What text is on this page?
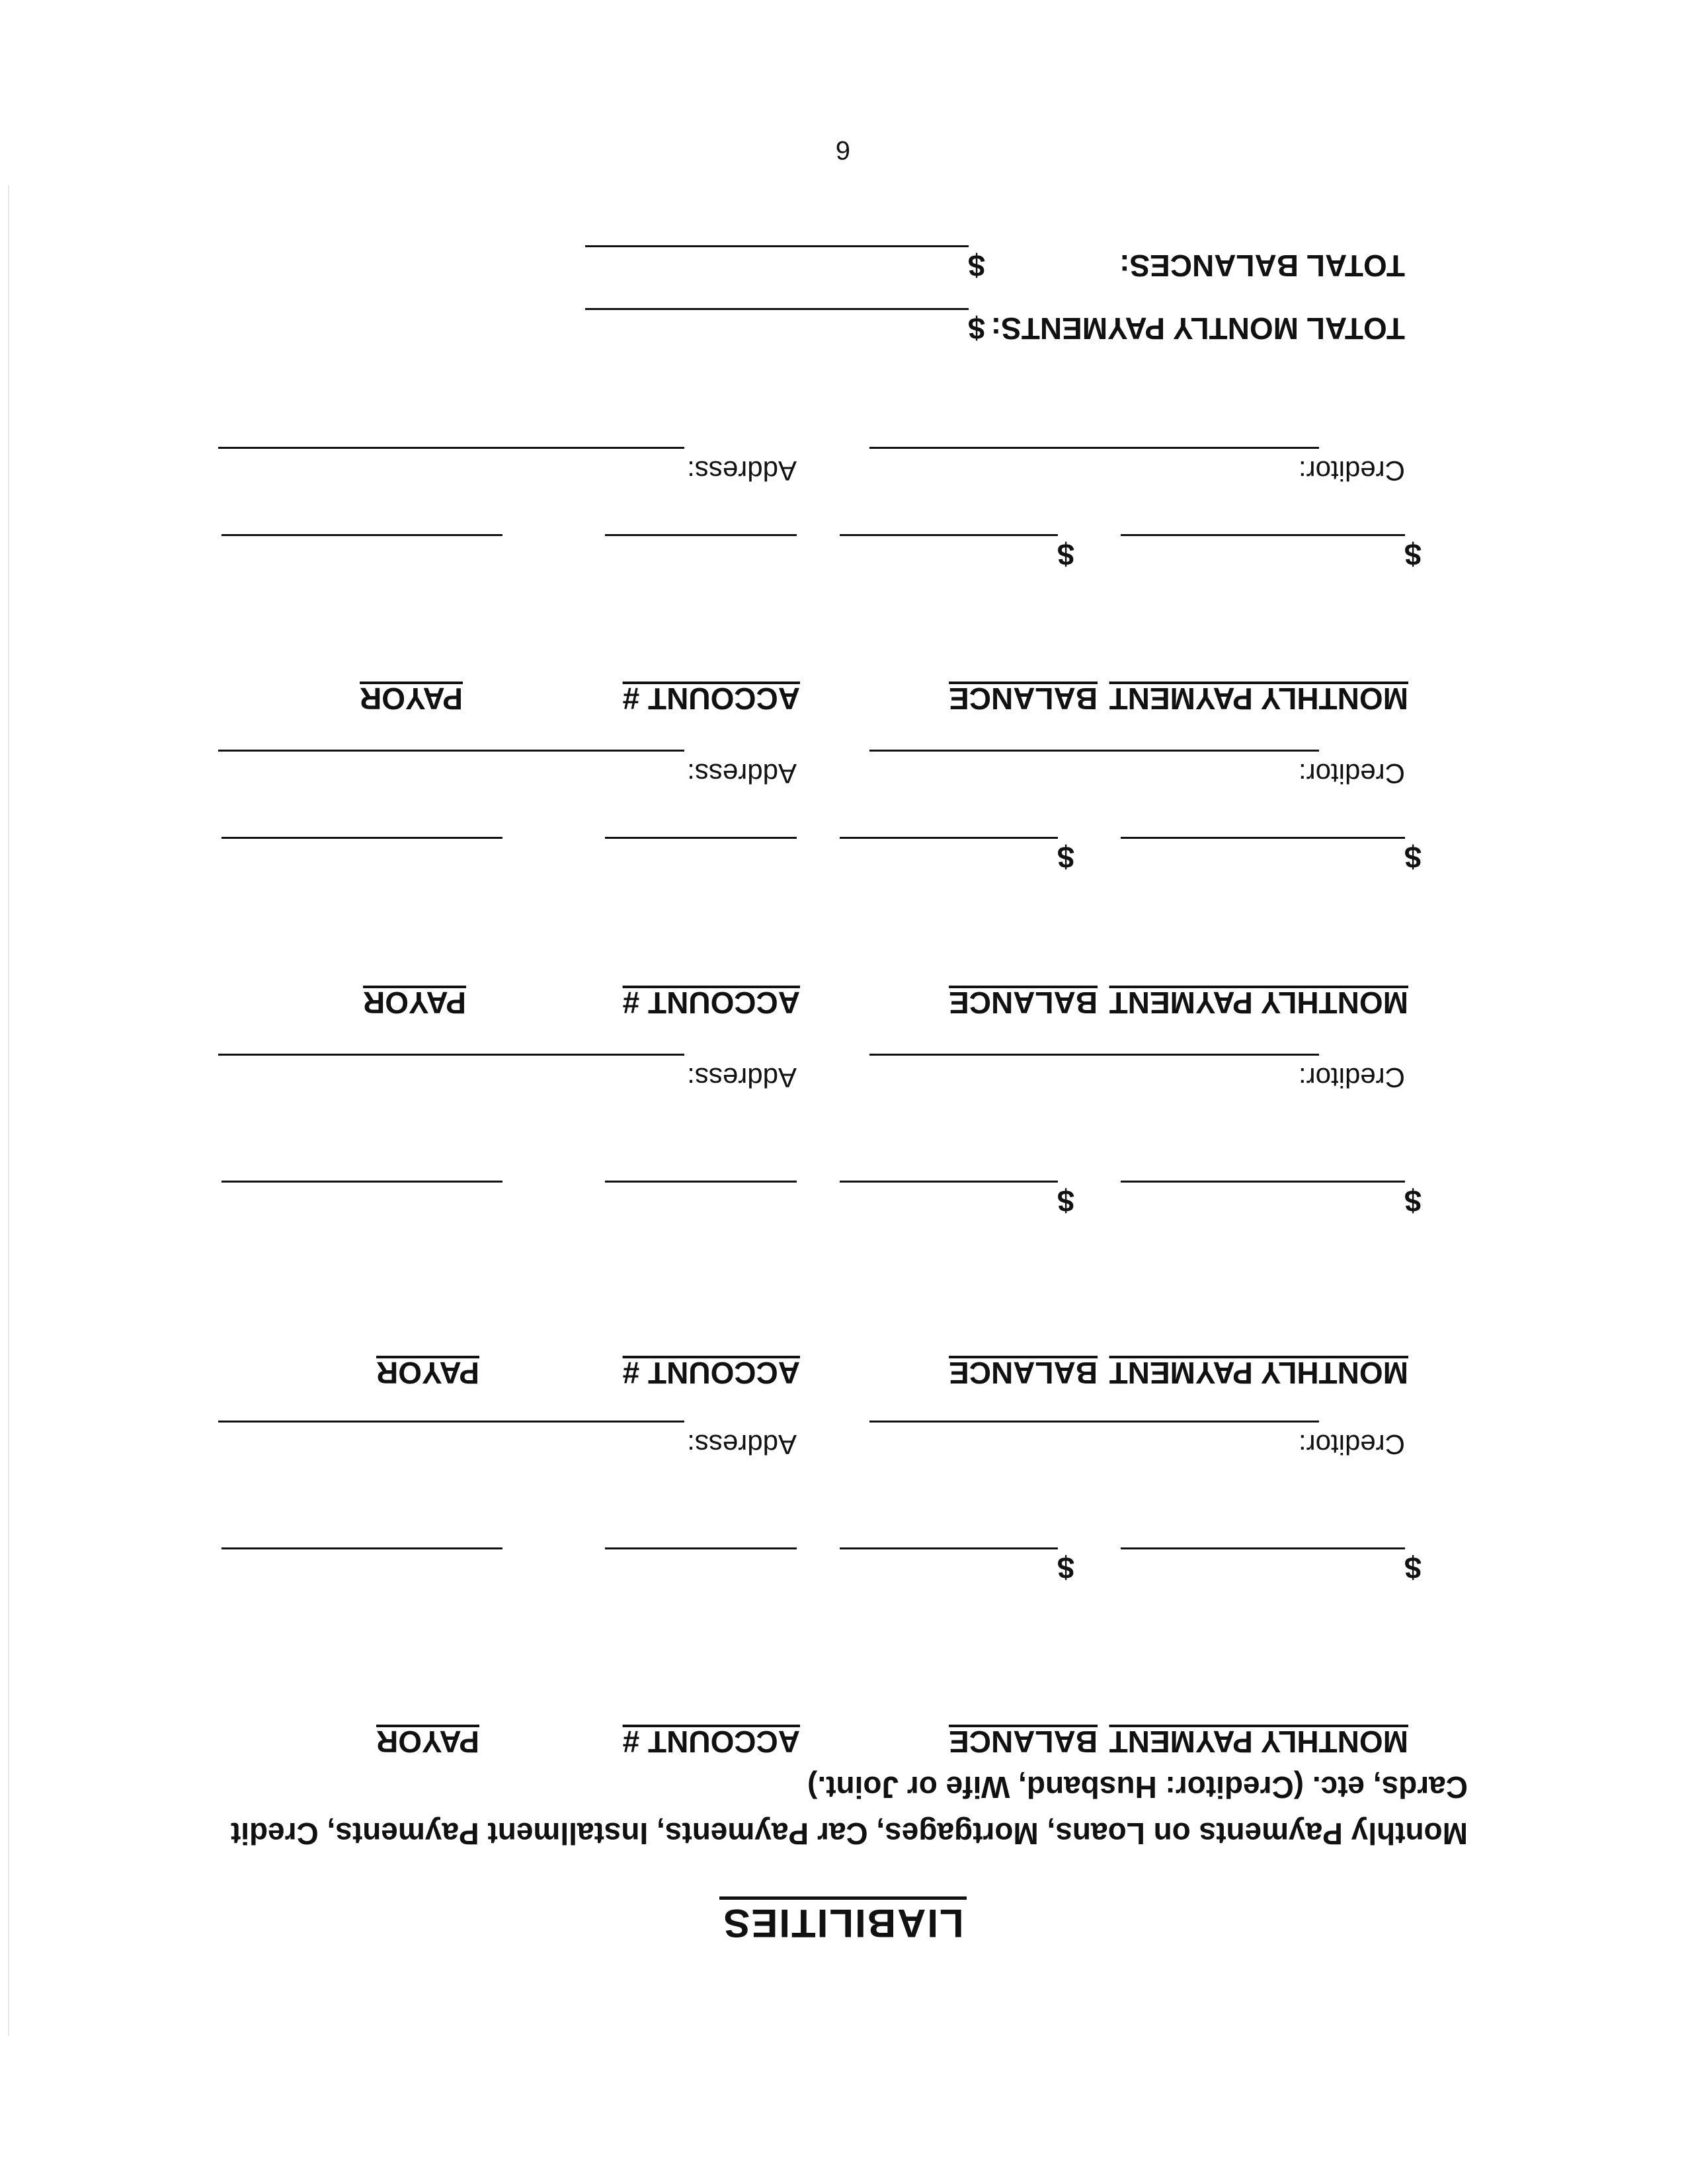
LIABILITIES
Monthly Payments on Loans, Mortgages, Car Payments, Installment Payments, Credit Cards, etc. (Creditor: Husband, Wife or Joint.)
MONTHLY PAYMENT
BALANCE
ACCOUNT #
PAYOR
$
$
Creditor:
Address:
MONTHLY PAYMENT
BALANCE
ACCOUNT #
PAYOR
$
$
Creditor:
Address:
MONTHLY PAYMENT
BALANCE
ACCOUNT #
PAYOR
$
$
Creditor:
Address:
MONTHLY PAYMENT
BALANCE
ACCOUNT #
PAYOR
$
$
Creditor:
Address:
TOTAL MONTLY PAYMENTS:
$
TOTAL BALANCES:
$
6
